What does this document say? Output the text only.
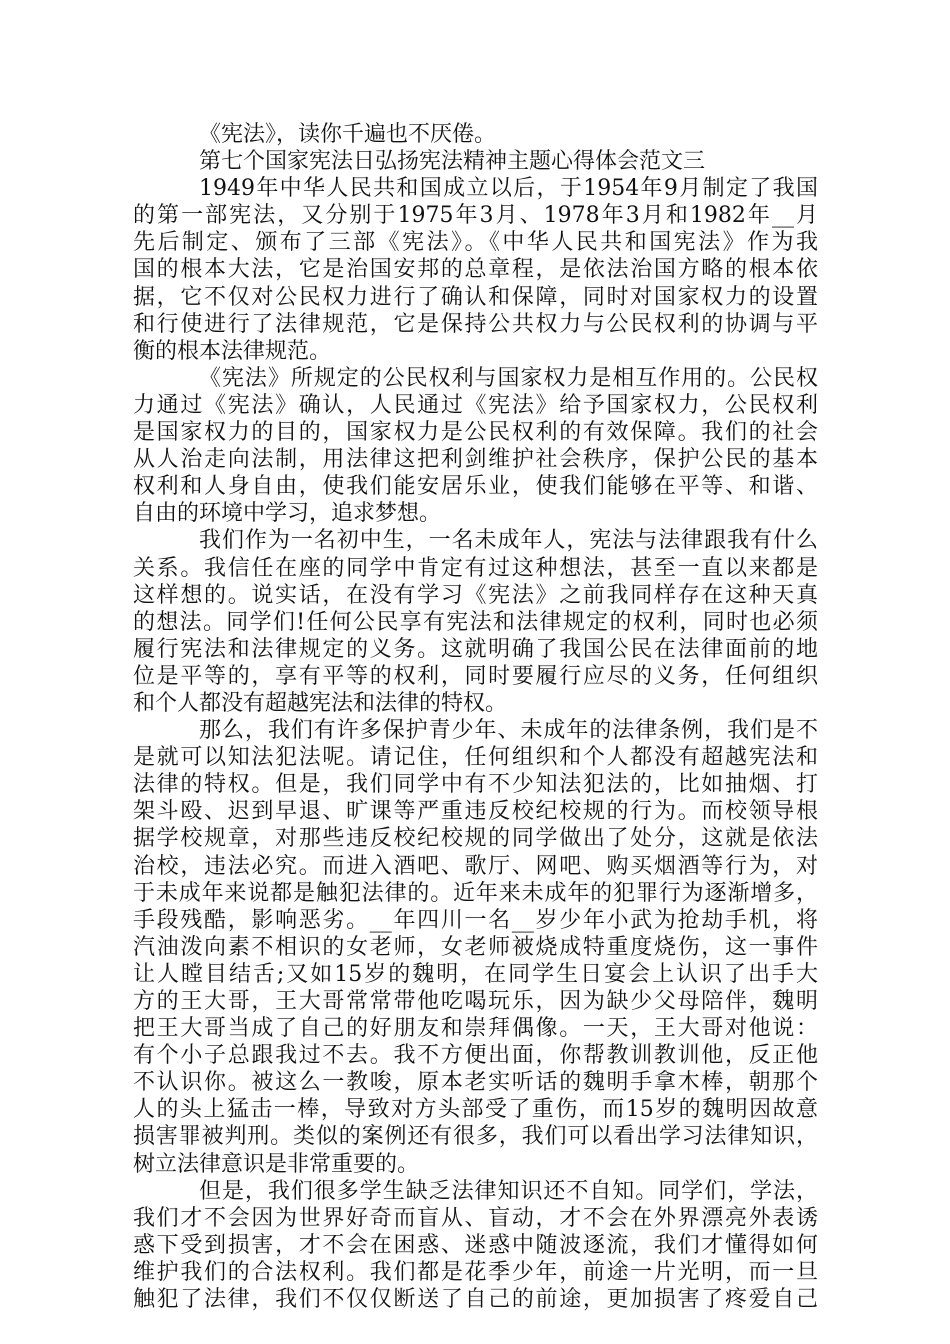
《宪法》，读你千遍也不厌倦。
第七个国家宪法日弘扬宪法精神主题心得体会范文三
1949年中华人民共和国成立以后，于1954年9月制定了我国
的第一部宪法，又分别于1975年3月、1978年3月和1982年__月
先后制定、颁布了三部《宪法》。《中华人民共和国宪法》作为我
国的根本大法，它是治国安邦的总章程，是依法治国方略的根本依
据，它不仅对公民权力进行了确认和保障，同时对国家权力的设置
和行使进行了法律规范，它是保持公共权力与公民权利的协调与平
衡的根本法律规范。
《宪法》所规定的公民权利与国家权力是相互作用的。公民权
力通过《宪法》确认，人民通过《宪法》给予国家权力，公民权利
是国家权力的目的，国家权力是公民权利的有效保障。我们的社会
从人治走向法制，用法律这把利剑维护社会秩序，保护公民的基本
权利和人身自由，使我们能安居乐业，使我们能够在平等、和谐、
自由的环境中学习，追求梦想。
我们作为一名初中生，一名未成年人，宪法与法律跟我有什么
关系。我信任在座的同学中肯定有过这种想法，甚至一直以来都是
这样想的。说实话，在没有学习《宪法》之前我同样存在这种天真
的想法。同学们!任何公民享有宪法和法律规定的权利，同时也必须
履行宪法和法律规定的义务。这就明确了我国公民在法律面前的地
位是平等的，享有平等的权利，同时要履行应尽的义务，任何组织
和个人都没有超越宪法和法律的特权。
那么，我们有许多保护青少年、未成年的法律条例，我们是不
是就可以知法犯法呢。请记住，任何组织和个人都没有超越宪法和
法律的特权。但是，我们同学中有不少知法犯法的，比如抽烟、打
架斗殴、迟到早退、旷课等严重违反校纪校规的行为。而校领导根
据学校规章，对那些违反校纪校规的同学做出了处分，这就是依法
治校，违法必究。而进入酒吧、歌厅、网吧、购买烟酒等行为，对
于未成年来说都是触犯法律的。近年来未成年的犯罪行为逐渐增多，
手段残酷，影响恶劣。__年四川一名__岁少年小武为抢劫手机，将
汽油泼向素不相识的女老师，女老师被烧成特重度烧伤，这一事件
让人瞠目结舌;又如15岁的魏明，在同学生日宴会上认识了出手大
方的王大哥，王大哥常常带他吃喝玩乐，因为缺少父母陪伴，魏明
把王大哥当成了自己的好朋友和崇拜偶像。一天，王大哥对他说：
有个小子总跟我过不去。我不方便出面，你帮教训教训他，反正他
不认识你。被这么一教唆，原本老实听话的魏明手拿木棒，朝那个
人的头上猛击一棒，导致对方头部受了重伤，而15岁的魏明因故意
损害罪被判刑。类似的案例还有很多，我们可以看出学习法律知识，
树立法律意识是非常重要的。
但是，我们很多学生缺乏法律知识还不自知。同学们，学法，
我们才不会因为世界好奇而盲从、盲动，才不会在外界漂亮外表诱
惑下受到损害，才不会在困惑、迷惑中随波逐流，我们才懂得如何
维护我们的合法权利。我们都是花季少年，前途一片光明，而一旦
触犯了法律，我们不仅仅断送了自己的前途，更加损害了疼爱自己
